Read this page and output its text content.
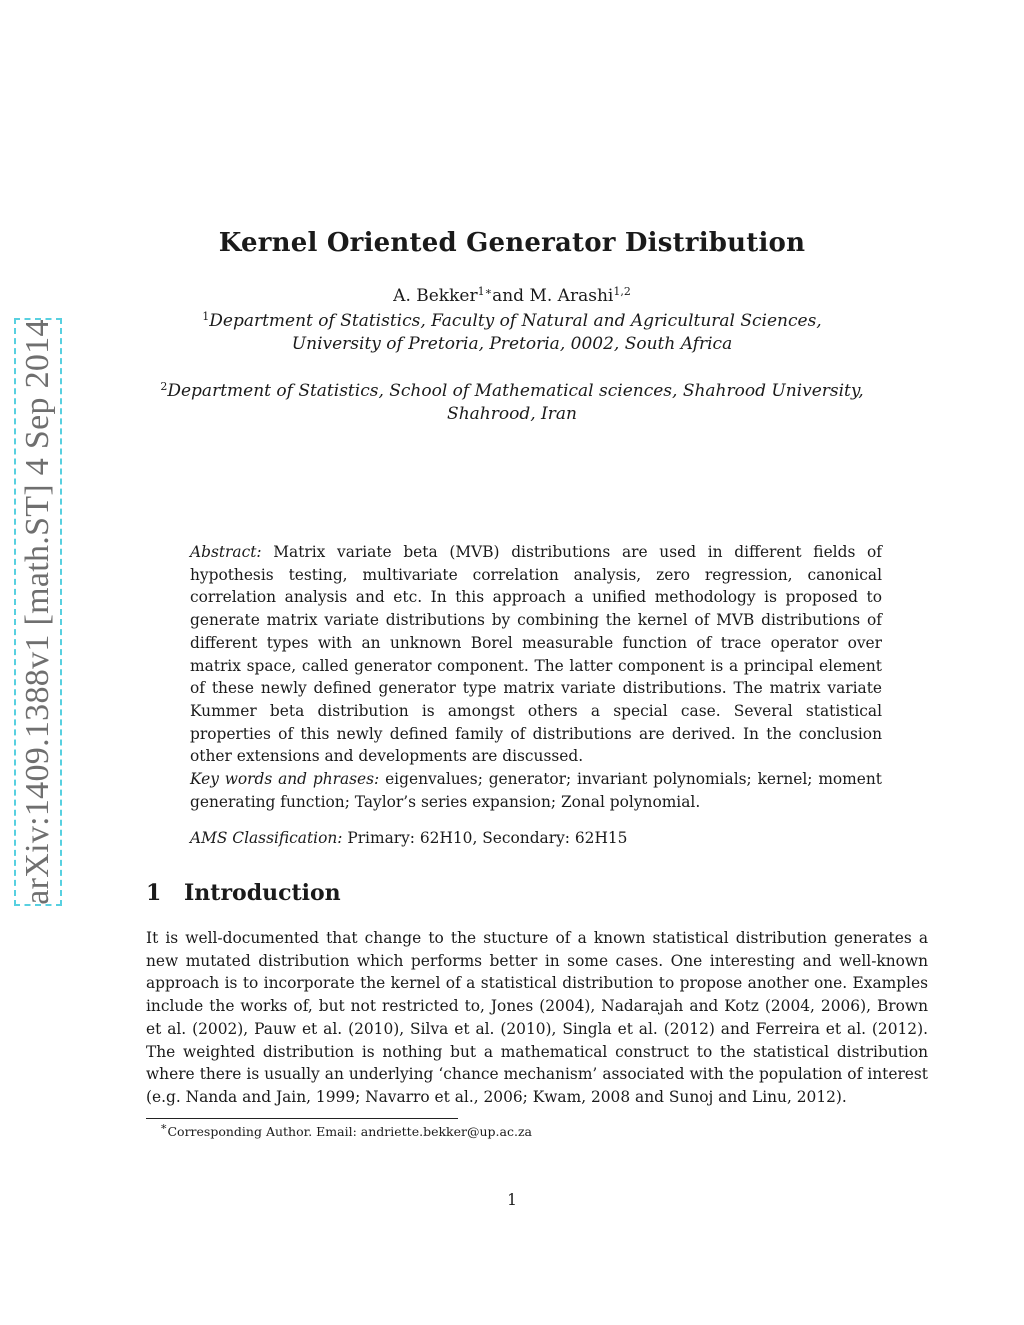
arXiv:1409.1388v1 [math.ST] 4 Sep 2014
Kernel Oriented Generator Distribution
A. Bekker$^{1∗}$and M. Arashi$^{1,2}$
$^1$Department of Statistics, Faculty of Natural and Agricultural Sciences,
University of Pretoria, Pretoria, 0002, South Africa
$^2$Department of Statistics, School of Mathematical sciences, Shahrood University,
Shahrood, Iran

Abstract: Matrix variate beta (MVB) distributions are used in different fields of hypothesis testing, multivariate correlation analysis, zero regression, canonical correlation analysis and etc. In this approach a unified methodology is proposed to generate matrix variate distributions by combining the kernel of MVB distributions of different types with an unknown Borel measurable function of trace operator over matrix space, called generator component. The latter component is a principal element of these newly defined generator type matrix variate distributions. The matrix variate Kummer beta distribution is amongst others a special case. Several statistical properties of this newly defined family of distributions are derived. In the conclusion other extensions and developments are discussed.

Key words and phrases: eigenvalues; generator; invariant polynomials; kernel; moment generating function; Taylor’s series expansion; Zonal polynomial.

AMS Classification: Primary: 62H10, Secondary: 62H15
1 Introduction

It is well-documented that change to the stucture of a known statistical distribution generates a new mutated distribution which performs better in some cases. One interesting and well-known approach is to incorporate the kernel of a statistical distribution to propose another one. Examples include the works of, but not restricted to, Jones (2004), Nadarajah and Kotz (2004, 2006), Brown et al. (2002), Pauw et al. (2010), Silva et al. (2010), Singla et al. (2012) and Ferreira et al. (2012). The weighted distribution is nothing but a mathematical construct to the statistical distribution where there is usually an underlying ‘chance mechanism’ associated with the population of interest (e.g. Nanda and Jain, 1999; Navarro et al., 2006; Kwam, 2008 and Sunoj and Linu, 2012).

∗Corresponding Author. Email: andriette.bekker@up.ac.za
1
